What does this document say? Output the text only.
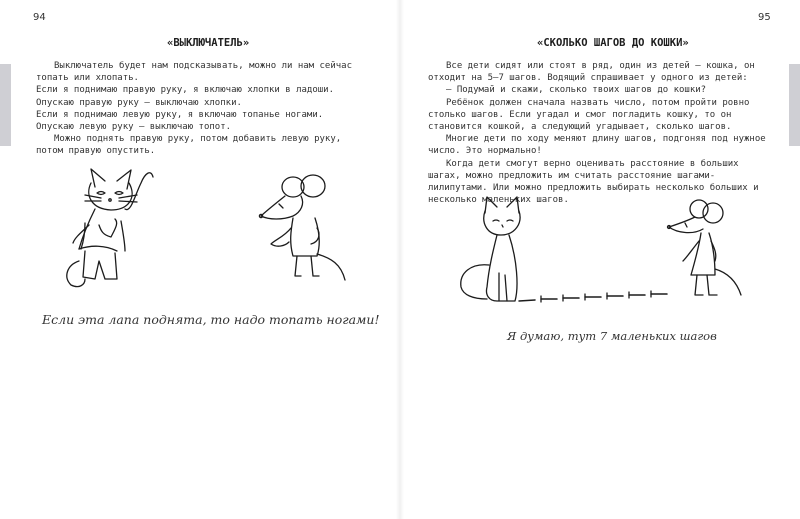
94
«ВЫКЛЮЧАТЕЛЬ»

Выключатель будет нам подсказывать, можно ли нам сейчас топать или хлопать.

Если я поднимаю правую руку, я включаю хлопки в ладоши.

Опускаю правую руку – выключаю хлопки.

Если я поднимаю левую руку, я включаю топанье ногами.

Опускаю левую руку – выключаю топот.

Можно поднять правую руку, потом добавить левую руку, потом правую опустить.

Если эта лапа поднята, то надо топать ногами!
95
«СКОЛЬКО ШАГОВ ДО КОШКИ»

Все дети сидят или стоят в ряд, один из детей – кошка, он отходит на 5–7 шагов. Водящий спрашивает у одного из детей:

– Подумай и скажи, сколько твоих шагов до кошки?

Ребёнок должен сначала назвать число, потом пройти ровно столько шагов. Если угадал и смог погладить кошку, то он становится кошкой, а следующий угадывает, сколько шагов.

Многие дети по ходу меняют длину шагов, подгоняя под нужное число. Это нормально!

Когда дети смогут верно оценивать расстояние в больших шагах, можно предложить им считать расстояние шагами-лилипутами. Или можно предложить выбирать несколько больших и несколько маленьких шагов.

Я думаю, тут 7 маленьких шагов
